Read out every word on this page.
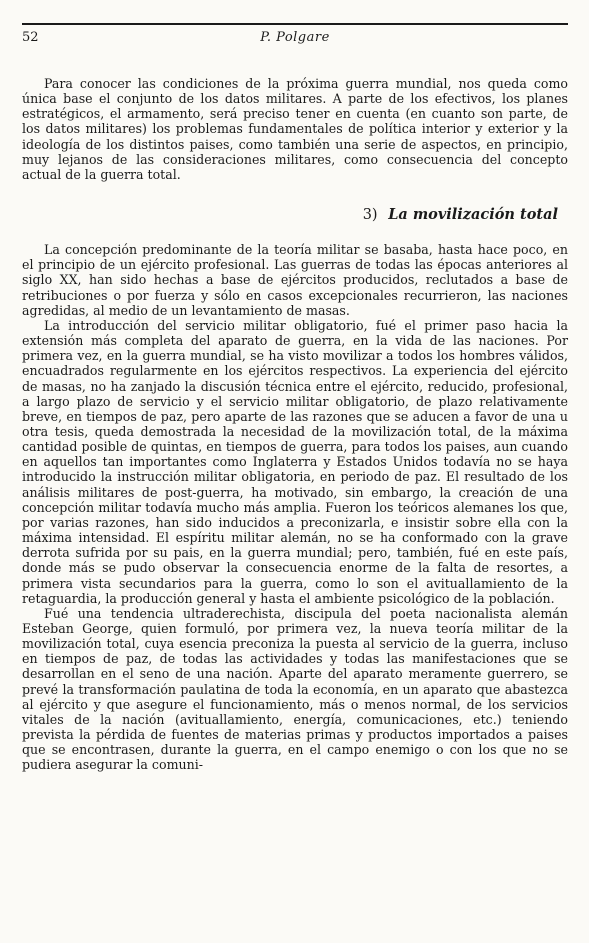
52	P. Polgare

Para conocer las condiciones de la próxima guerra mundial, nos queda como única base el conjunto de los datos militares. A parte de los efectivos, los planes estratégicos, el armamento, será preciso tener en cuenta (en cuanto son parte, de los datos militares) los problemas fundamentales de política interior y exterior y la ideología de los distintos paises, como también una serie de aspectos, en principio, muy lejanos de las consideraciones militares, como consecuencia del concepto actual de la guerra total.

3) La movilización total

La concepción predominante de la teoría militar se basaba, hasta hace poco, en el principio de un ejército profesional. Las guerras de todas las épocas anteriores al siglo XX, han sido hechas a base de ejércitos producidos, reclutados a base de retribuciones o por fuerza y sólo en casos excepcionales recurrieron, las naciones agredidas, al medio de un levantamiento de masas.

La introducción del servicio militar obligatorio, fué el primer paso hacia la extensión más completa del aparato de guerra, en la vida de las naciones. Por primera vez, en la guerra mundial, se ha visto movilizar a todos los hombres válidos, encuadrados regularmente en los ejércitos respectivos. La experiencia del ejército de masas, no ha zanjado la discusión técnica entre el ejército, reducido, profesional, a largo plazo de servicio y el servicio militar obligatorio, de plazo relativamente breve, en tiempos de paz, pero aparte de las razones que se aducen a favor de una u otra tesis, queda demostrada la necesidad de la movilización total, de la máxima cantidad posible de quintas, en tiempos de guerra, para todos los paises, aun cuando en aquellos tan importantes como Inglaterra y Estados Unidos todavía no se haya introducido la instrucción militar obligatoria, en periodo de paz. El resultado de los análisis militares de post-guerra, ha motivado, sin embargo, la creación de una concepción militar todavía mucho más amplia. Fueron los teóricos alemanes los que, por varias razones, han sido inducidos a preconizarla, e insistir sobre ella con la máxima intensidad. El espíritu militar alemán, no se ha conformado con la grave derrota sufrida por su pais, en la guerra mundial; pero, también, fué en este país, donde más se pudo observar la consecuencia enorme de la falta de resortes, a primera vista secundarios para la guerra, como lo son el avituallamiento de la retaguardia, la producción general y hasta el ambiente psicológico de la población.

Fué una tendencia ultraderechista, discipula del poeta nacionalista alemán Esteban George, quien formuló, por primera vez, la nueva teoría militar de la movilización total, cuya esencia preconiza la puesta al servicio de la guerra, incluso en tiempos de paz, de todas las actividades y todas las manifestaciones que se desarrollan en el seno de una nación. Aparte del aparato meramente guerrero, se prevé la transformación paulatina de toda la economía, en un aparato que abastezca al ejército y que asegure el funcionamiento, más o menos normal, de los servicios vitales de la nación (avituallamiento, energía, comunicaciones, etc.) teniendo prevista la pérdida de fuentes de materias primas y productos importados a paises que se encontrasen, durante la guerra, en el campo enemigo o con los que no se pudiera asegurar la comuni-
